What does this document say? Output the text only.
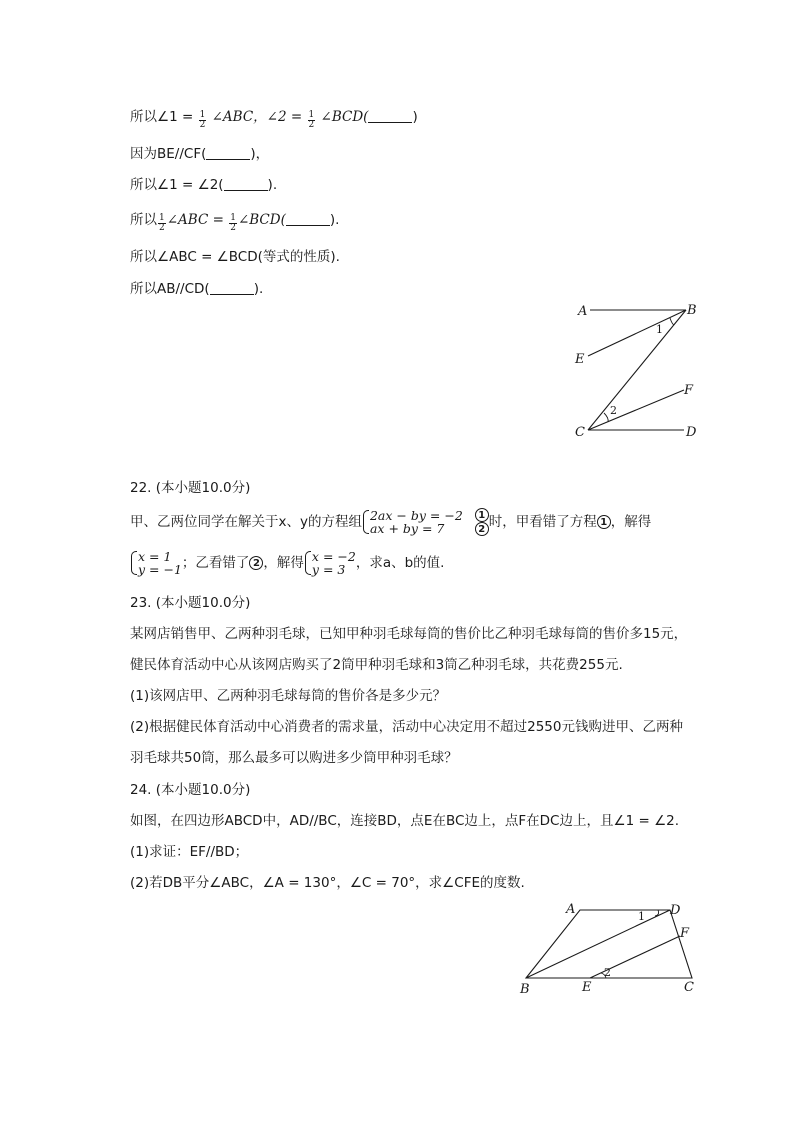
所以∠1 = $\frac{1}{2}$ ∠ABC，∠2 = $\frac{1}{2}$ ∠BCD(	)
因为BE//CF(	)，
所以∠1 = ∠2(	).
所以 $\frac{1}{2}$ ∠ABC = $\frac{1}{2}$ ∠BCD(	).
所以∠ABC = ∠BCD(等式的性质).
所以AB//CD(	).
A	B
E
F
C	D
1
2
22. (本小题10.0分)
甲、乙两位同学在解关于x、y的方程组 2ax − by = −2
ax + by = 7	$\frac{1}{2}$ 时，甲看错了方程 1 ，解得
x = 1
y = −1 ；乙看错了 2 ，解得 x = −2
y = 3 ，求a、b的值.
23. (本小题10.0分)
某网店销售甲、乙两种羽毛球，已知甲种羽毛球每筒的售价比乙种羽毛球每筒的售价多15元，
健民体育活动中心从该网店购买了2筒甲种羽毛球和3筒乙种羽毛球，共花费255元.
(1)该网店甲、乙两种羽毛球每筒的售价各是多少元？
(2)根据健民体育活动中心消费者的需求量，活动中心决定用不超过2550元钱购进甲、乙两种
羽毛球共50筒，那么最多可以购进多少筒甲种羽毛球？
24. (本小题10.0分)
如图，在四边形ABCD中，AD//BC，连接BD，点E在BC边上，点F在DC边上，且∠1 = ∠2.
(1)求证：EF//BD；
(2)若DB平分∠ABC，∠A = 130°，∠C = 70°，求∠CFE的度数.
A	D
F
B	E	C
1
2
